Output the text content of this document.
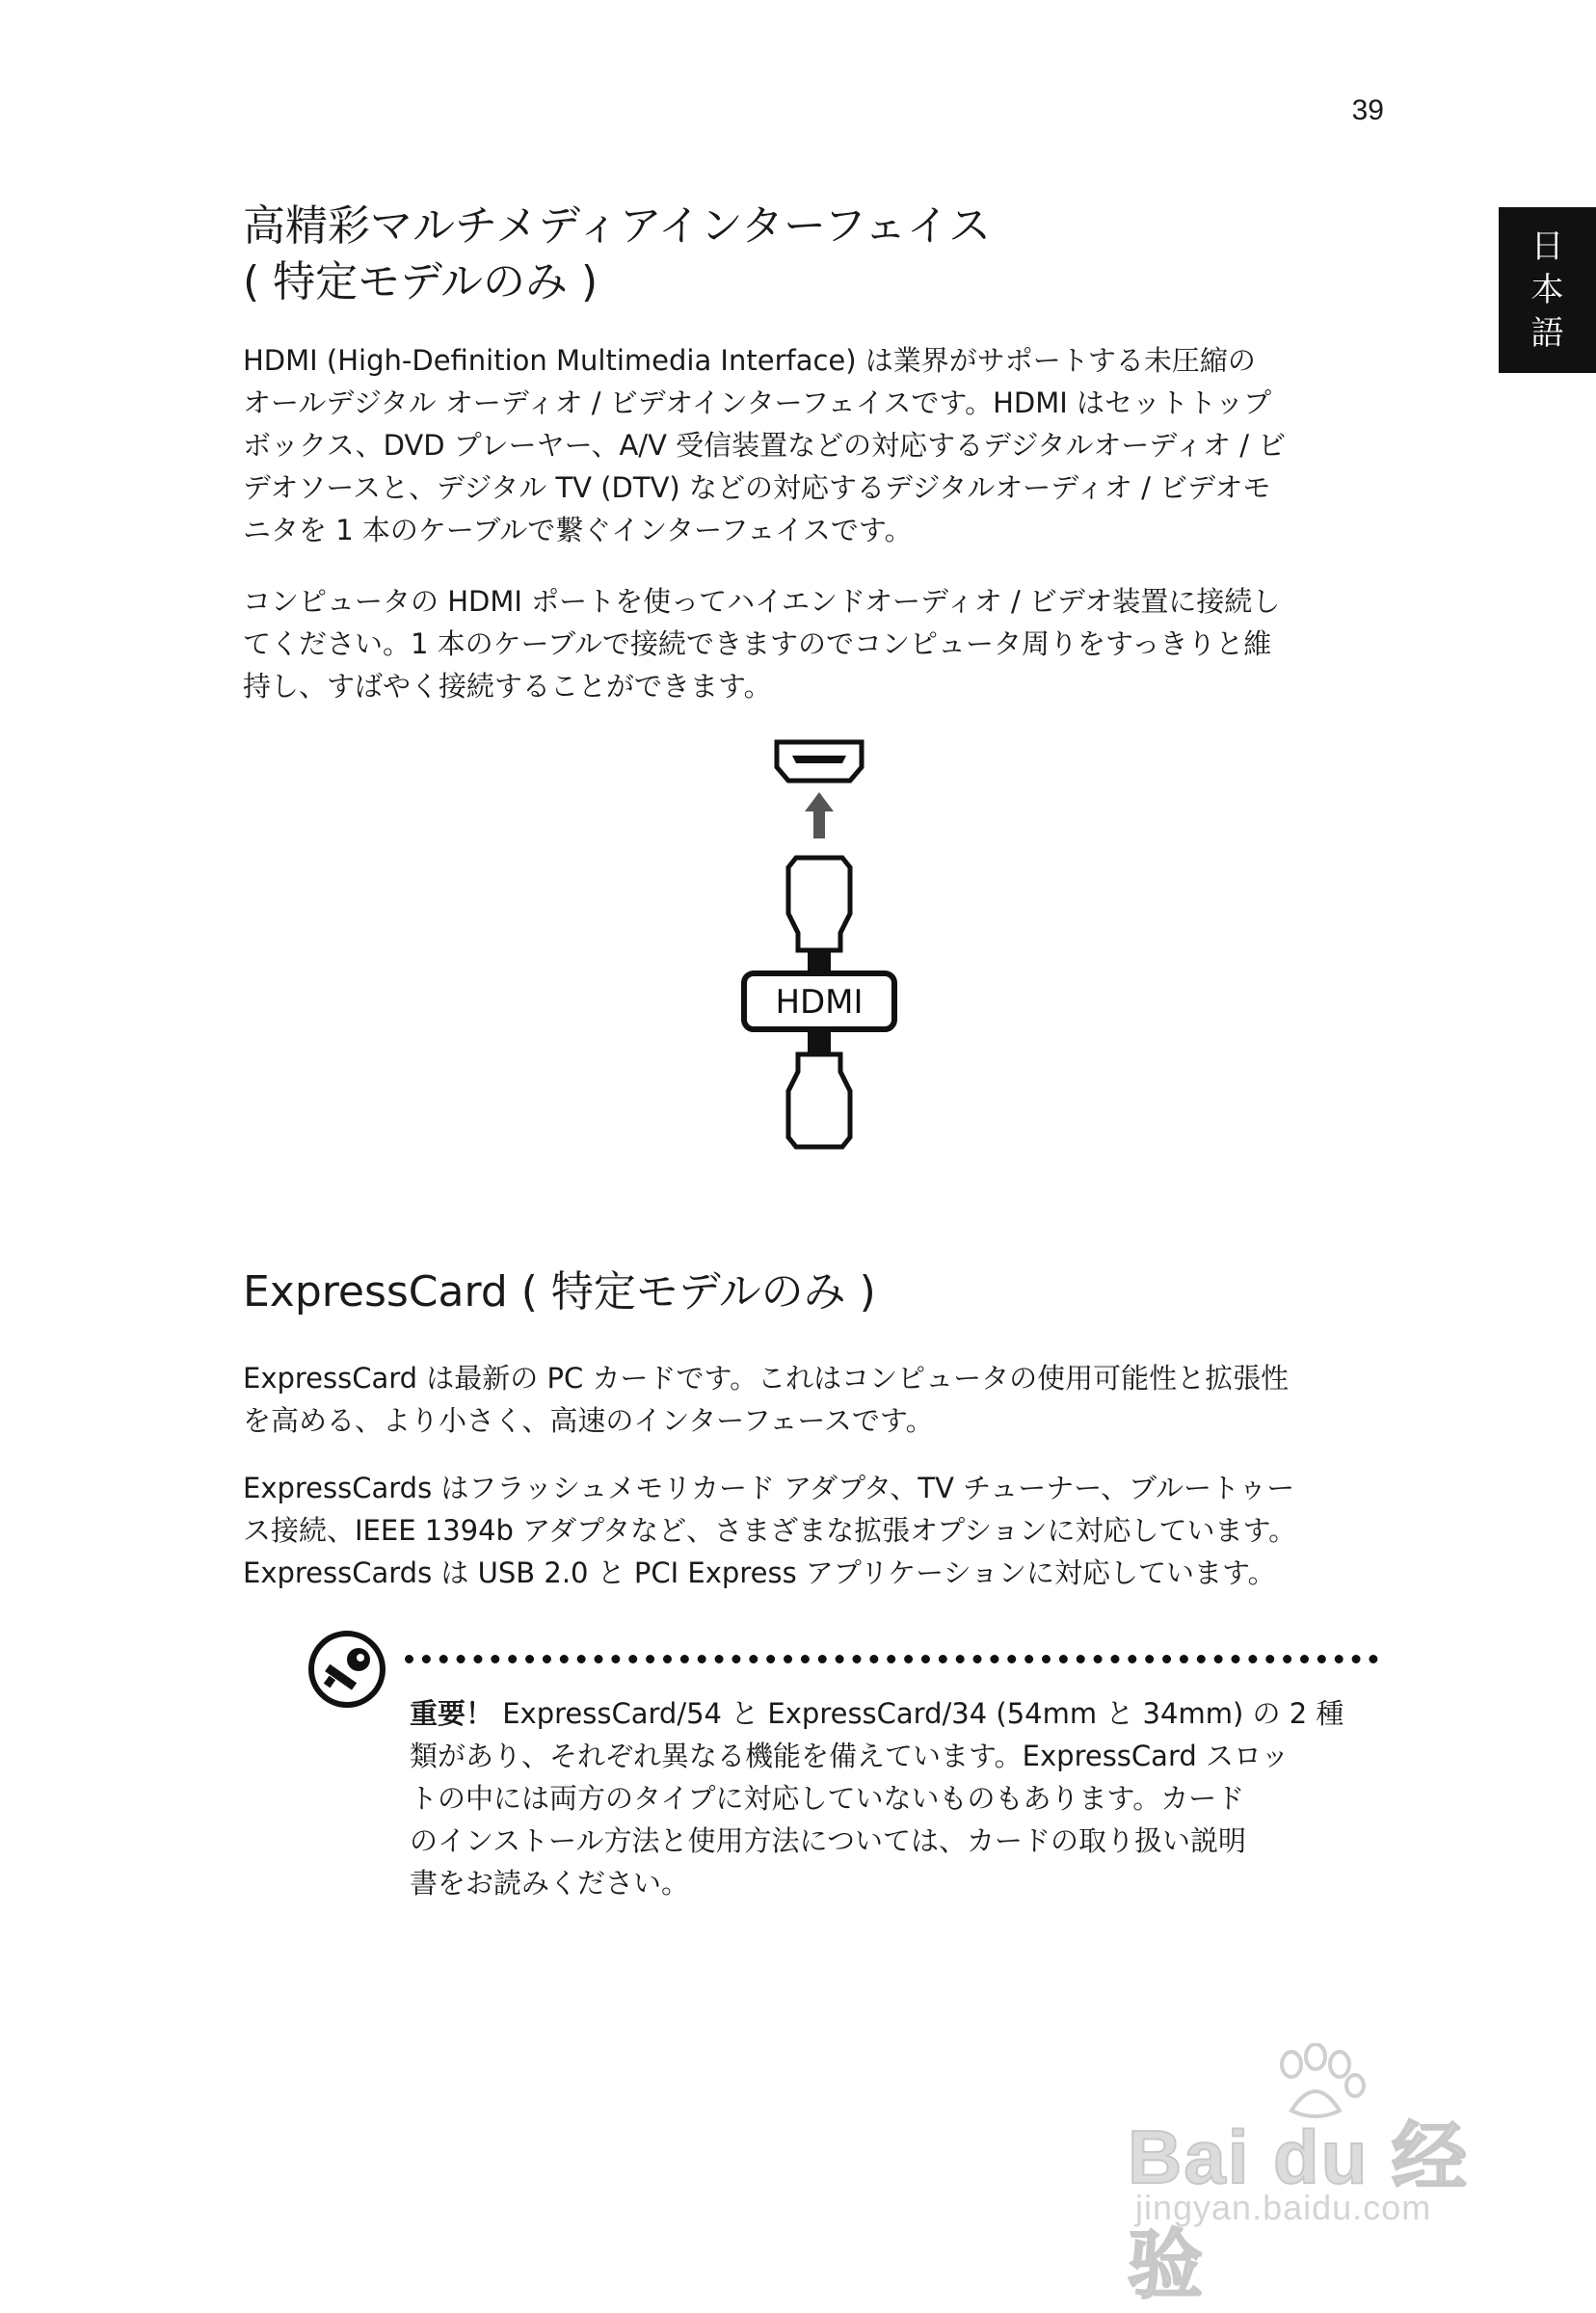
39
日
本
語
高精彩マルチメディアインターフェイス
( 特定モデルのみ )

HDMI (High-Definition Multimedia Interface) は業界がサポートする未圧縮の
オールデジタル オーディオ / ビデオインターフェイスです。HDMI はセットトップ
ボックス、DVD プレーヤー、A/V 受信装置などの対応するデジタルオーディオ / ビ
デオソースと、デジタル TV (DTV) などの対応するデジタルオーディオ / ビデオモ
ニタを 1 本のケーブルで繋ぐインターフェイスです。

コンピュータの HDMI ポートを使ってハイエンドオーディオ / ビデオ装置に接続し
てください。1 本のケーブルで接続できますのでコンピュータ周りをすっきりと維
持し、すばやく接続することができます。

HDMI
ExpressCard ( 特定モデルのみ )

ExpressCard は最新の PC カードです。これはコンピュータの使用可能性と拡張性
を高める、より小さく、高速のインターフェースです。

ExpressCards はフラッシュメモリカード アダプタ、TV チューナー、ブルートゥー
ス接続、IEEE 1394b アダプタなど、さまざまな拡張オプションに対応しています。
ExpressCards は USB 2.0 と PCI Express アプリケーションに対応しています。

重要！ ExpressCard/54 と ExpressCard/34 (54mm と 34mm) の 2 種
類があり、それぞれ異なる機能を備えています。ExpressCard スロッ
トの中には両方のタイプに対応していないものもあります。カード
のインストール方法と使用方法については、カードの取り扱い説明
書をお読みください。

Bai du 经验
jingyan.baidu.com
